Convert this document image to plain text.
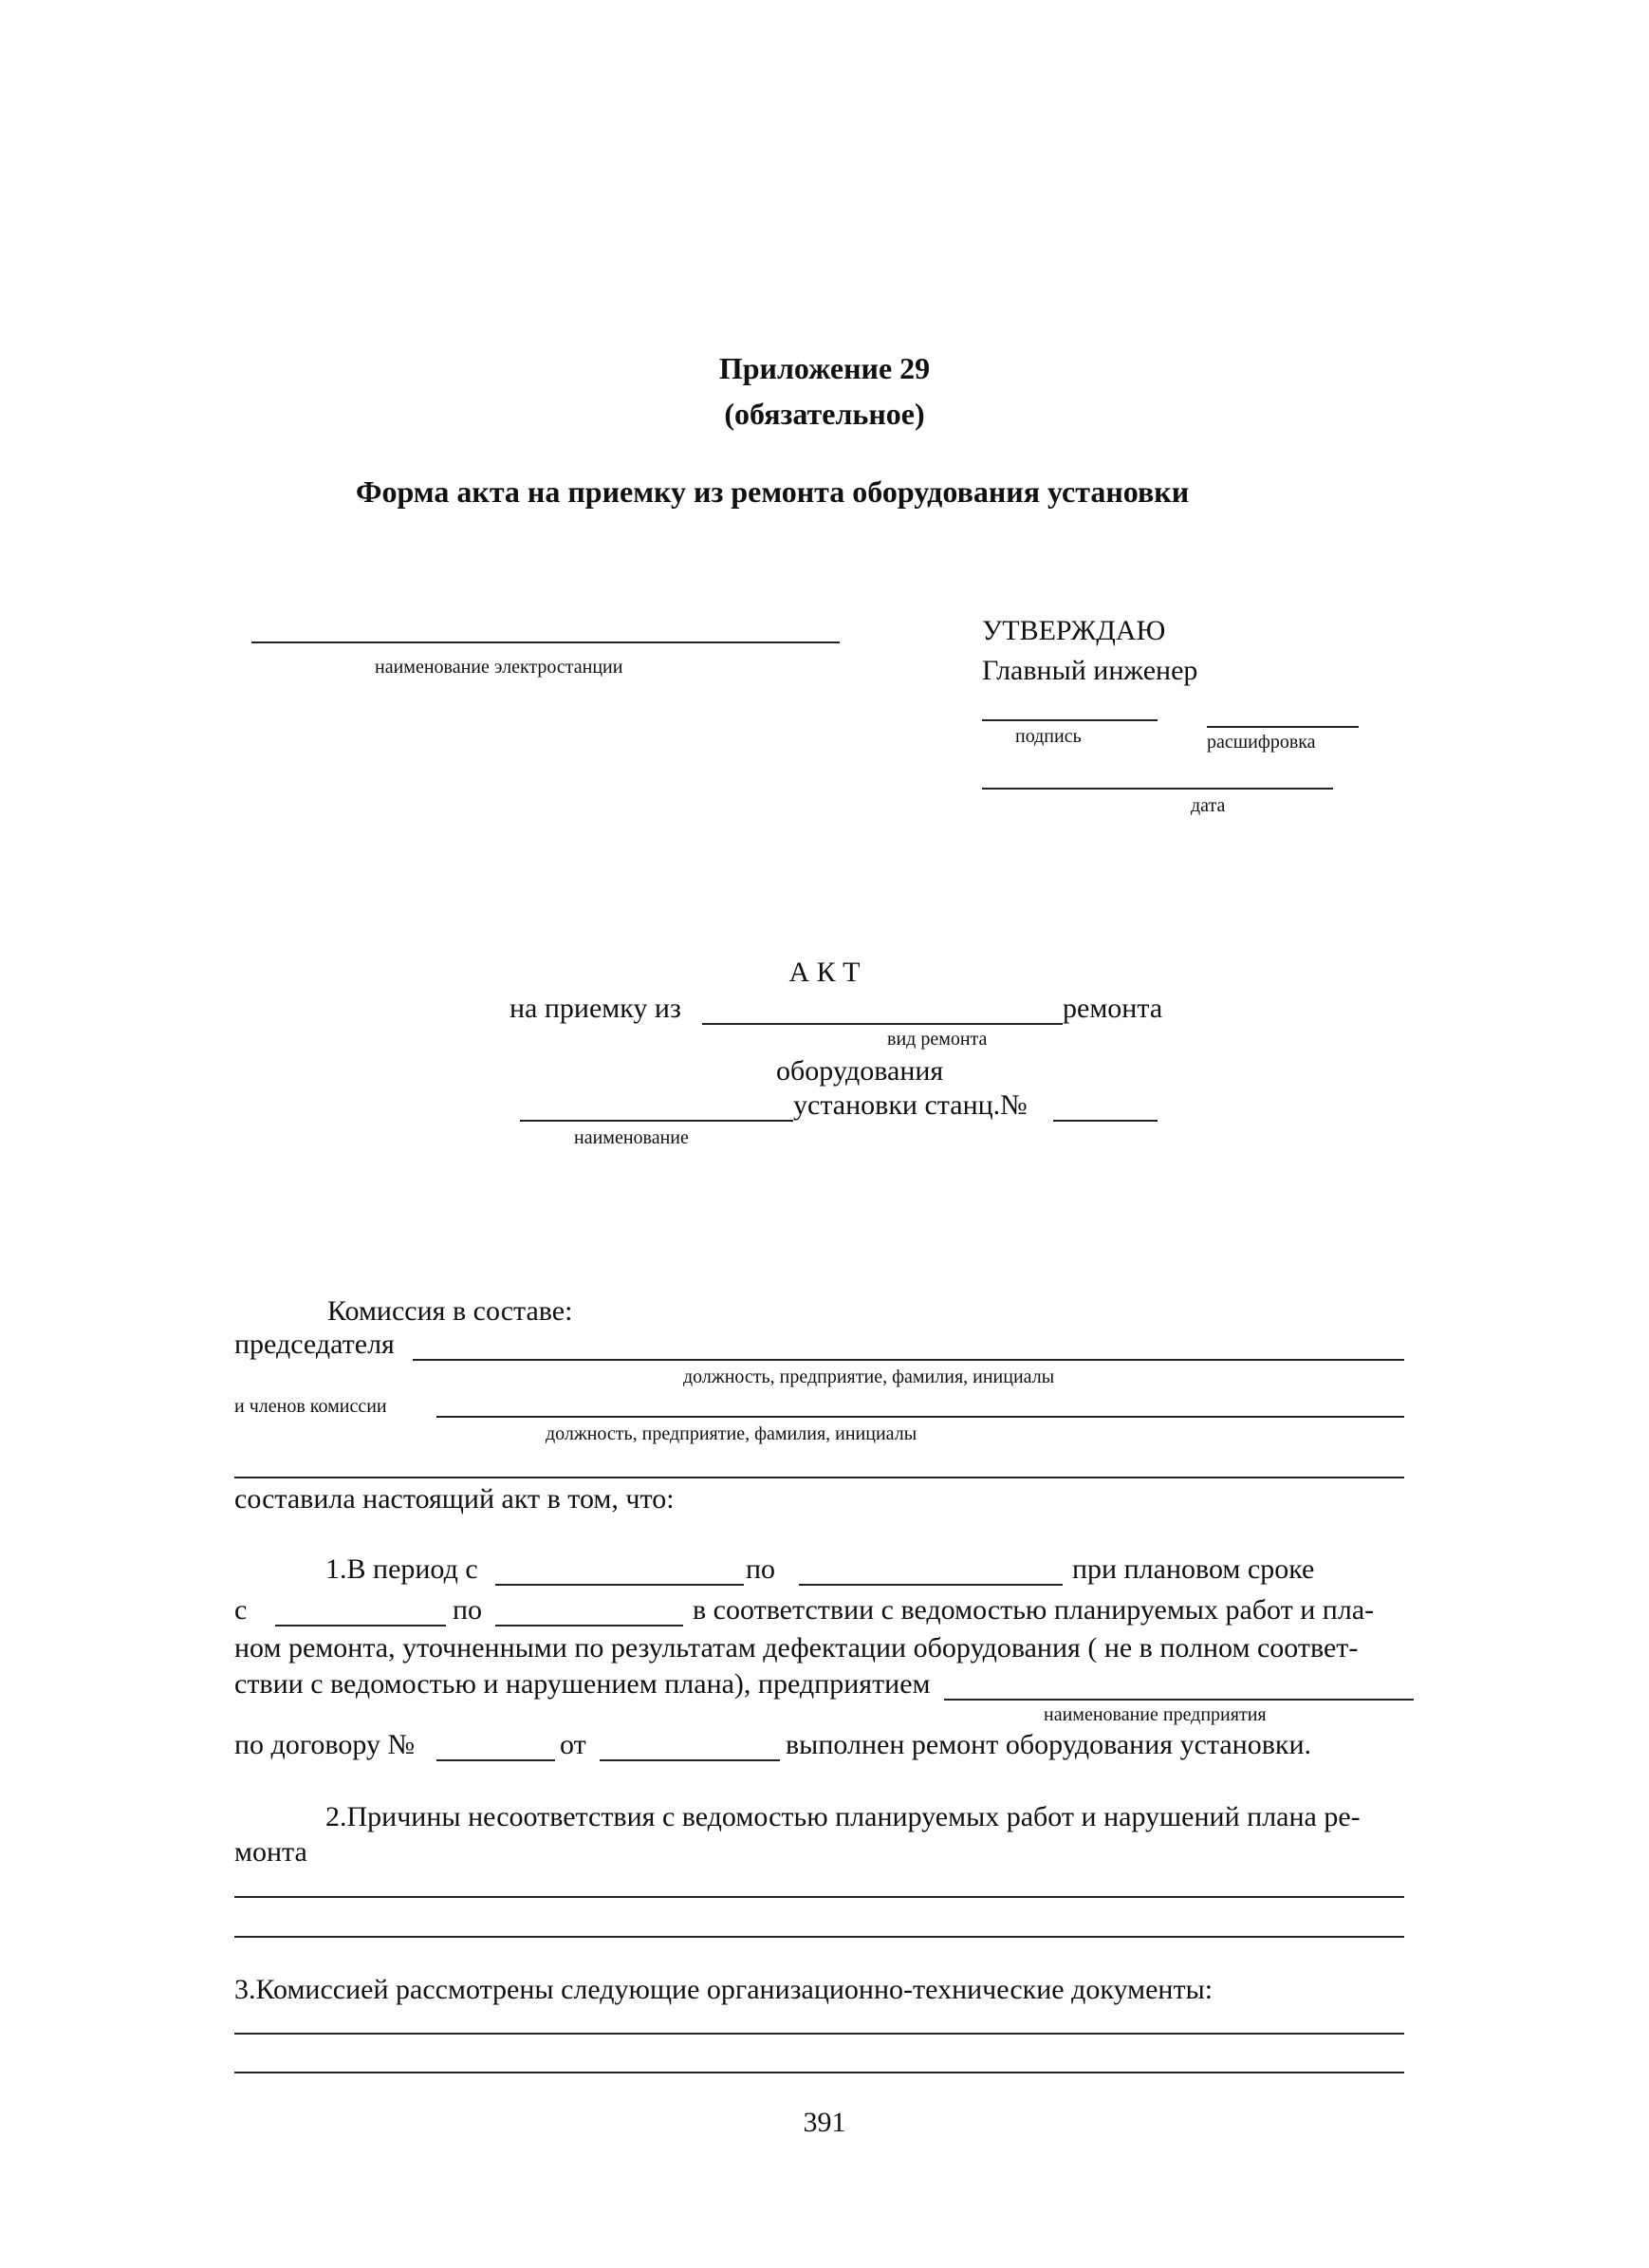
Приложение 29
(обязательное)
Форма акта на приемку из ремонта оборудования установки
наименование электростанции
УТВЕРЖДАЮ
Главный инженер
подпись	расшифровка
дата
А К Т
на приемку из	ремонта
вид ремонта
оборудования
установки станц.№
наименование
Комиссия в составе:
председателя
должность, предприятие, фамилия, инициалы
и членов комиссии
должность, предприятие, фамилия, инициалы
составила настоящий акт в том, что:
1.В период с	по	при плановом сроке
с	по	в соответствии с ведомостью планируемых работ и пла-
ном ремонта, уточненными по результатам дефектации оборудования ( не в полном соответ-
ствии с ведомостью и нарушением плана), предприятием
наименование предприятия
по договору №	от	выполнен ремонт оборудования установки.
2.Причины несоответствия с ведомостью планируемых работ и нарушений плана ре-
монта
3.Комиссией рассмотрены следующие организационно-технические документы:
391
